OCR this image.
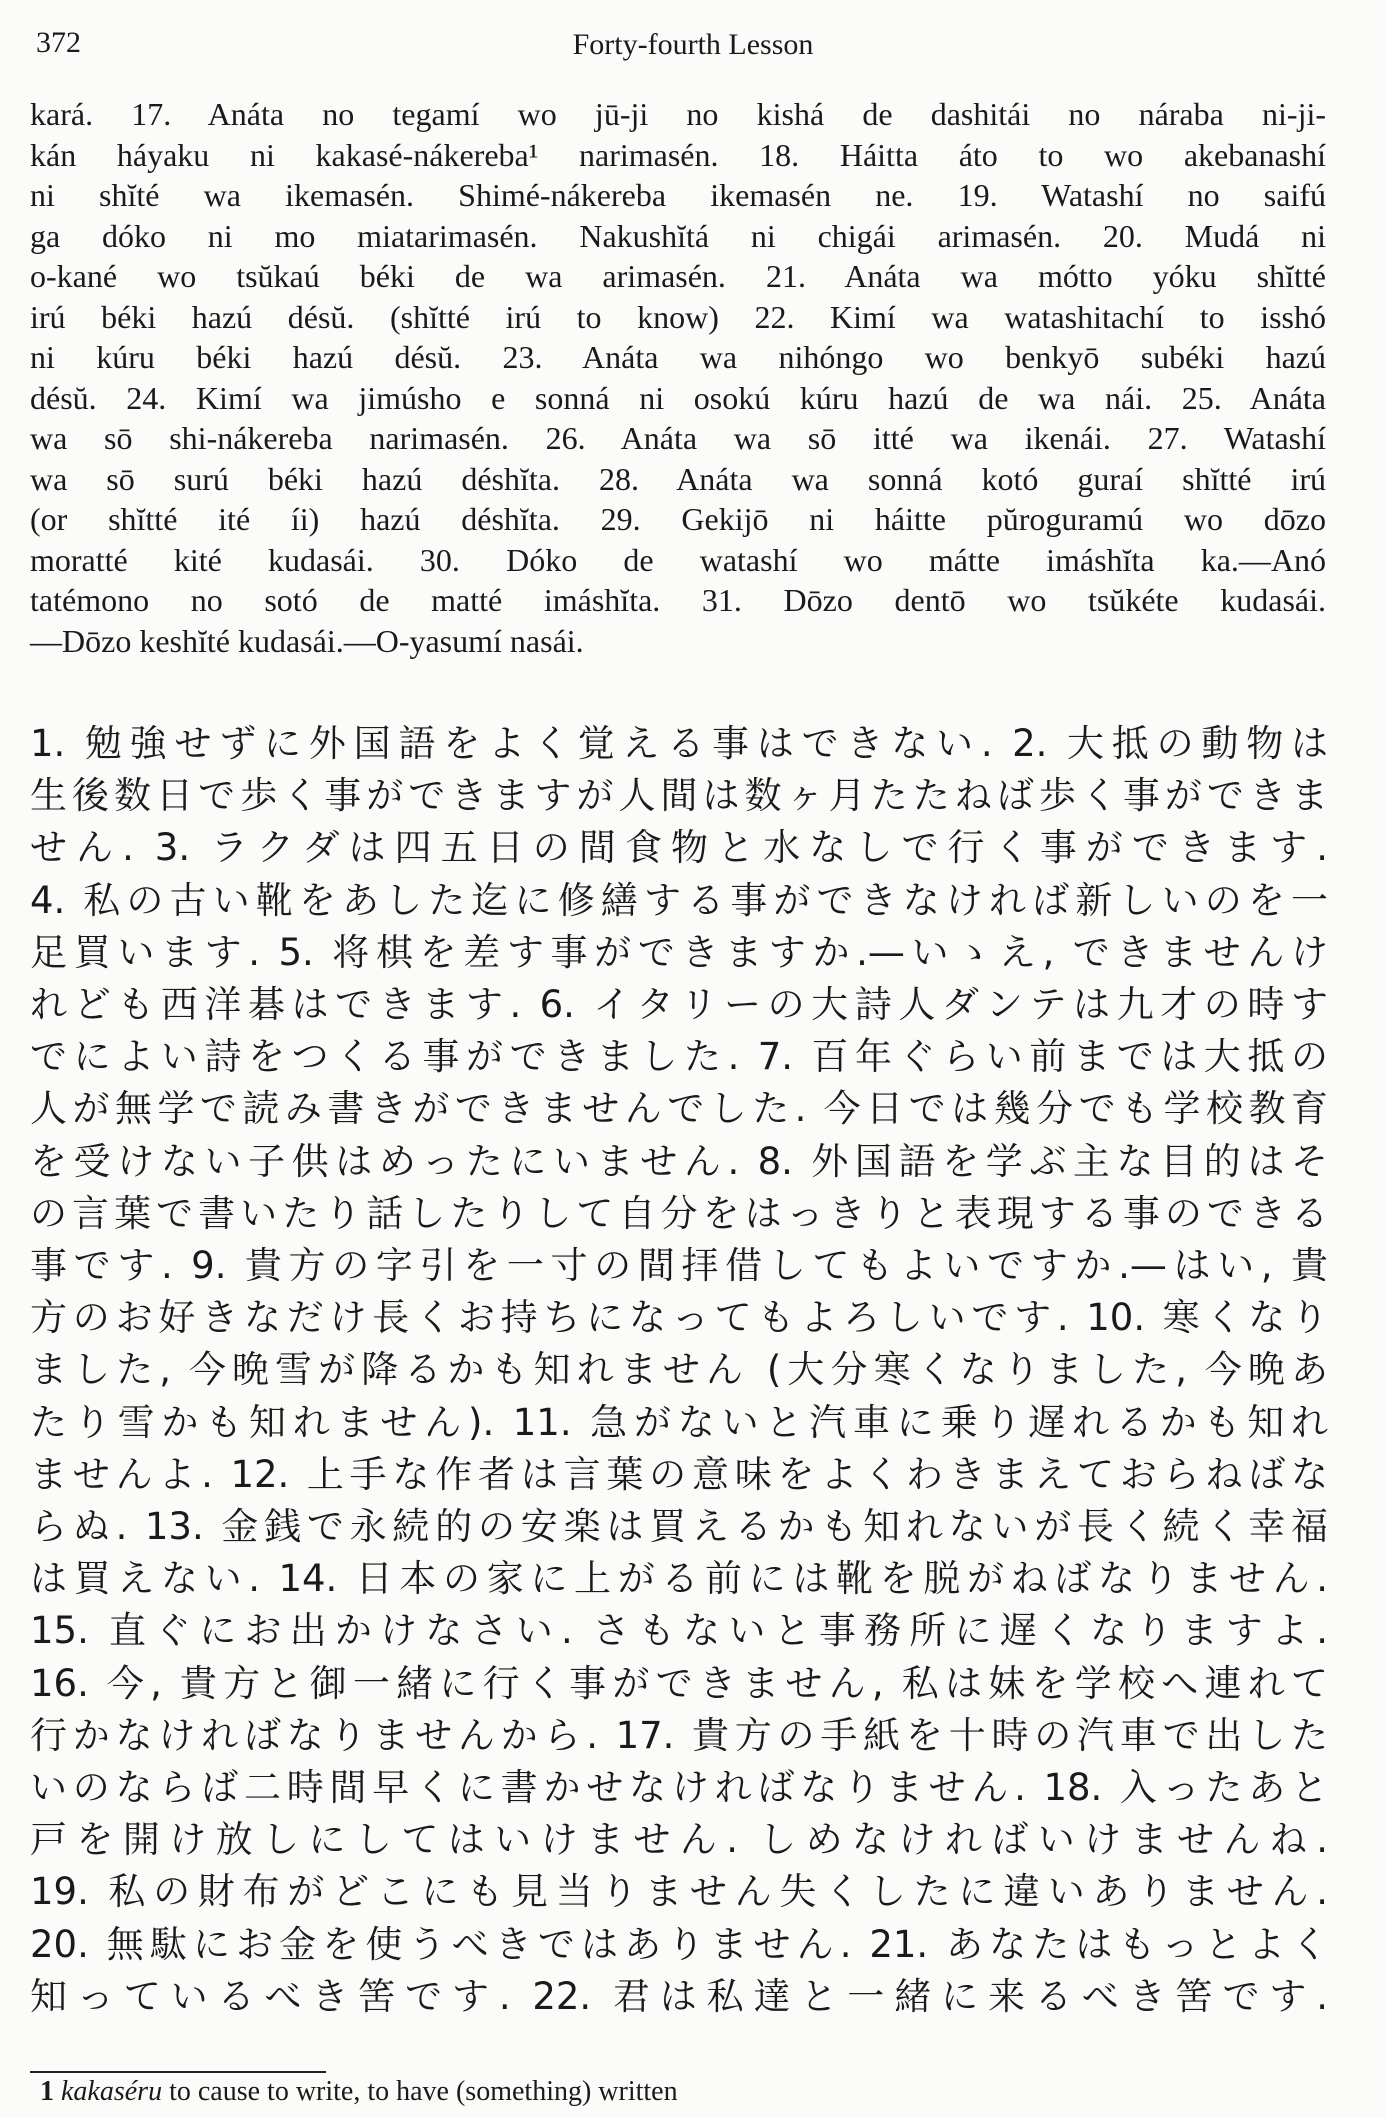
372	Forty-fourth Lesson

kará. 17. Anáta no tegamí wo jū-ji no kishá de dashitái no náraba ni-ji-

kán háyaku ni kakasé-nákereba¹ narimasén. 18. Háitta áto to wo akebanashí

ni shĭté wa ikemasén. Shimé-nákereba ikemasén ne. 19. Watashí no saifú

ga dóko ni mo miatarimasén. Nakushĭtá ni chigái arimasén. 20. Mudá ni

o-kané wo tsŭkaú béki de wa arimasén. 21. Anáta wa mótto yóku shĭtté

irú béki hazú désŭ. (shĭtté irú to know) 22. Kimí wa watashitachí to isshó

ni kúru béki hazú désŭ. 23. Anáta wa nihóngo wo benkyō subéki hazú

désŭ. 24. Kimí wa jimúsho e sonná ni osokú kúru hazú de wa nái. 25. Anáta

wa sō shi-nákereba narimasén. 26. Anáta wa sō itté wa ikenái. 27. Watashí

wa sō surú béki hazú déshĭta. 28. Anáta wa sonná kotó guraí shĭtté irú

(or shĭtté ité íi) hazú déshĭta. 29. Gekijō ni háitte pŭroguramú wo dōzo

moratté kité kudasái. 30. Dóko de watashí wo mátte imáshĭta ka.—Anó

tatémono no sotó de matté imáshĭta. 31. Dōzo dentō wo tsŭkéte kudasái.

—Dōzo keshĭté kudasái.—O-yasumí nasái.

1. 勉強せずに外国語をよく覚える事はできない. 2. 大抵の動物は

生後数日で歩く事ができますが人間は数ヶ月たたねば歩く事ができま

せん. 3. ラクダは四五日の間食物と水なしで行く事ができます.

4. 私の古い靴をあした迄に修繕する事ができなければ新しいのを一

足買います. 5. 将棋を差す事ができますか.—いゝえ, できませんけ

れども西洋碁はできます. 6. イタリーの大詩人ダンテは九才の時す

でによい詩をつくる事ができました. 7. 百年ぐらい前までは大抵の

人が無学で読み書きができませんでした. 今日では幾分でも学校教育

を受けない子供はめったにいません. 8. 外国語を学ぶ主な目的はそ

の言葉で書いたり話したりして自分をはっきりと表現する事のできる

事です. 9. 貴方の字引を一寸の間拝借してもよいですか.—はい, 貴

方のお好きなだけ長くお持ちになってもよろしいです. 10. 寒くなり

ました, 今晩雪が降るかも知れません (大分寒くなりました, 今晩あ

たり雪かも知れません). 11. 急がないと汽車に乗り遅れるかも知れ

ませんよ. 12. 上手な作者は言葉の意味をよくわきまえておらねばな

らぬ. 13. 金銭で永続的の安楽は買えるかも知れないが長く続く幸福

は買えない. 14. 日本の家に上がる前には靴を脱がねばなりません.

15. 直ぐにお出かけなさい. さもないと事務所に遅くなりますよ.

16. 今, 貴方と御一緒に行く事ができません, 私は妹を学校へ連れて

行かなければなりませんから. 17. 貴方の手紙を十時の汽車で出した

いのならば二時間早くに書かせなければなりません. 18. 入ったあと

戸を開け放しにしてはいけません. しめなければいけませんね.

19. 私の財布がどこにも見当りません失くしたに違いありません.

20. 無駄にお金を使うべきではありません. 21. あなたはもっとよく

知っているべき筈です. 22. 君は私達と一緒に来るべき筈です.

1 kakaséru to cause to write, to have (something) written
